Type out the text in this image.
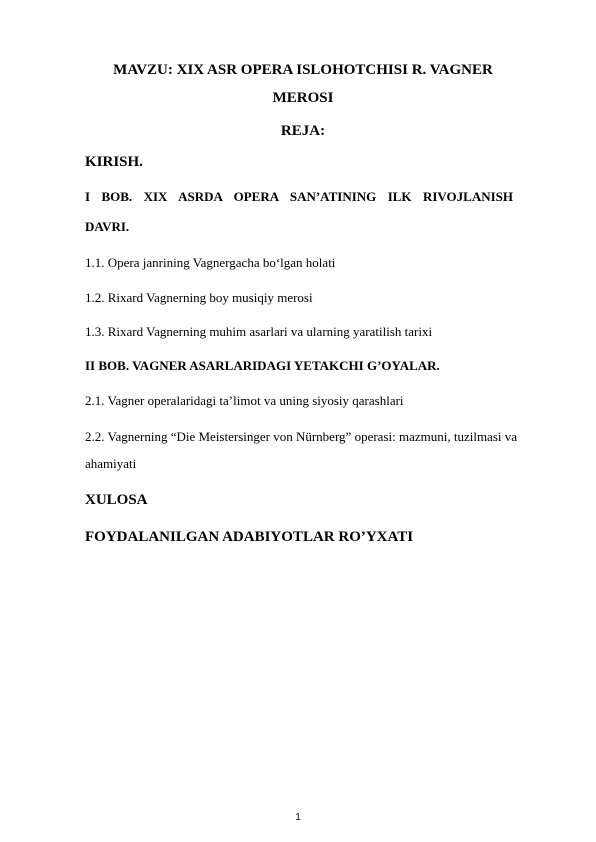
MAVZU: XIX ASR OPERA ISLOHOTCHISI R. VAGNER
MEROSI
REJA:
KIRISH.
I BOB. XIX ASRDA OPERA SAN’ATINING ILK RIVOJLANISH
DAVRI.
1.1. Opera janrining Vagnergacha bo‘lgan holati
1.2. Rixard Vagnerning boy musiqiy merosi
1.3. Rixard Vagnerning muhim asarlari va ularning yaratilish tarixi
II BOB. VAGNER ASARLARIDAGI YETAKCHI G’OYALAR.
2.1. Vagner operalaridagi ta’limot va uning siyosiy qarashlari
2.2. Vagnerning “Die Meistersinger von Nürnberg” operasi: mazmuni, tuzilmasi va
ahamiyati
XULOSA
FOYDALANILGAN ADABIYOTLAR RO’YXATI
1
